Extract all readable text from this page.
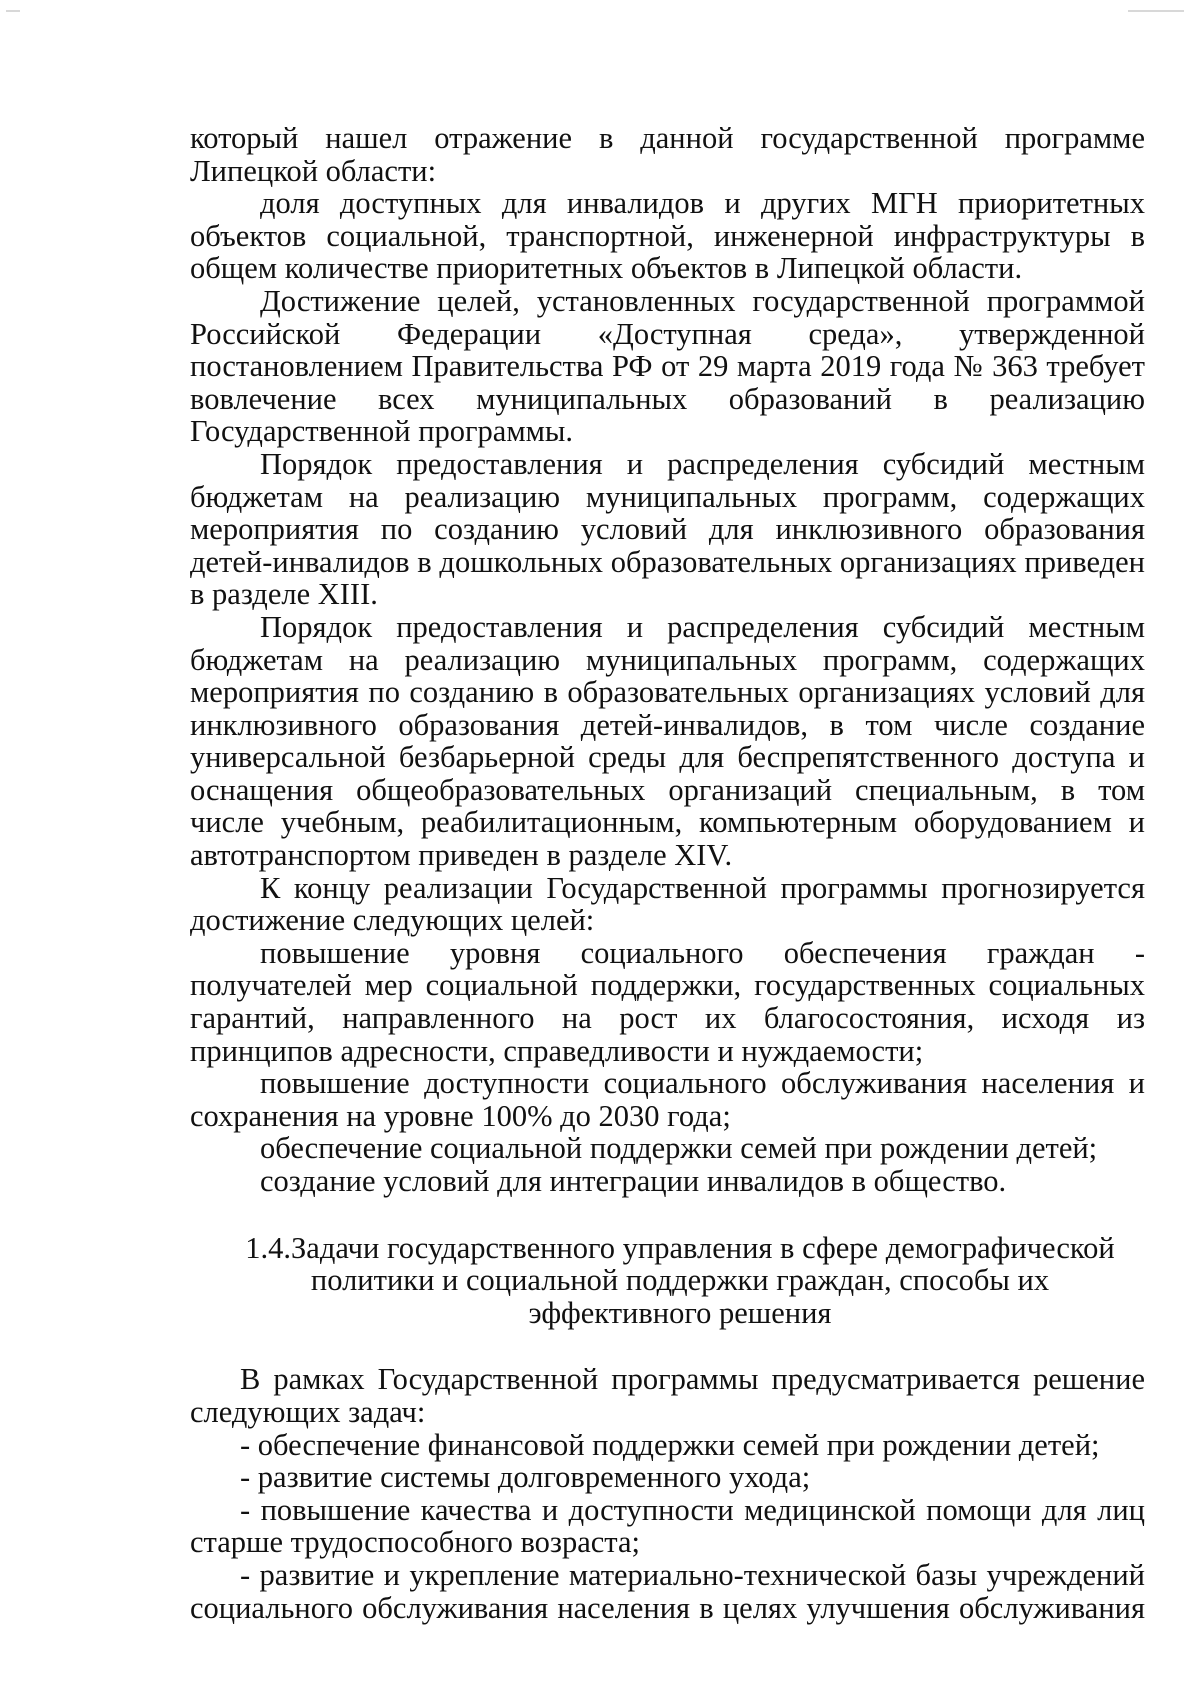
который нашел отражение в данной государственной программе Липецкой области:

доля доступных для инвалидов и других МГН приоритетных объектов социальной, транспортной, инженерной инфраструктуры в общем количестве приоритетных объектов в Липецкой области.

Достижение целей, установленных государственной программой Российской Федерации «Доступная среда», утвержденной постановлением Правительства РФ от 29 марта 2019 года № 363 требует вовлечение всех муниципальных образований в реализацию Государственной программы.

Порядок предоставления и распределения субсидий местным бюджетам на реализацию муниципальных программ, содержащих мероприятия по созданию условий для инклюзивного образования детей-инвалидов в дошкольных образовательных организациях приведен в разделе XIII.

Порядок предоставления и распределения субсидий местным бюджетам на реализацию муниципальных программ, содержащих мероприятия по созданию в образовательных организациях условий для инклюзивного образования детей-инвалидов, в том числе создание универсальной безбарьерной среды для беспрепятственного доступа и оснащения общеобразовательных организаций специальным, в том числе учебным, реабилитационным, компьютерным оборудованием и автотранспортом приведен в разделе XIV.

К концу реализации Государственной программы прогнозируется достижение следующих целей:

повышение уровня социального обеспечения граждан - получателей мер социальной поддержки, государственных социальных гарантий, направленного на рост их благосостояния, исходя из принципов адресности, справедливости и нуждаемости;

повышение доступности социального обслуживания населения и сохранения на уровне 100% до 2030 года;

обеспечение социальной поддержки семей при рождении детей;

создание условий для интеграции инвалидов в общество.

1.4.Задачи государственного управления в сфере демографической политики и социальной поддержки граждан, способы их эффективного решения

В рамках Государственной программы предусматривается решение следующих задач:

- обеспечение финансовой поддержки семей при рождении детей;

- развитие системы долговременного ухода;

- повышение качества и доступности медицинской помощи для лиц старше трудоспособного возраста;

- развитие и укрепление материально-технической базы учреждений социального обслуживания населения в целях улучшения обслуживания
